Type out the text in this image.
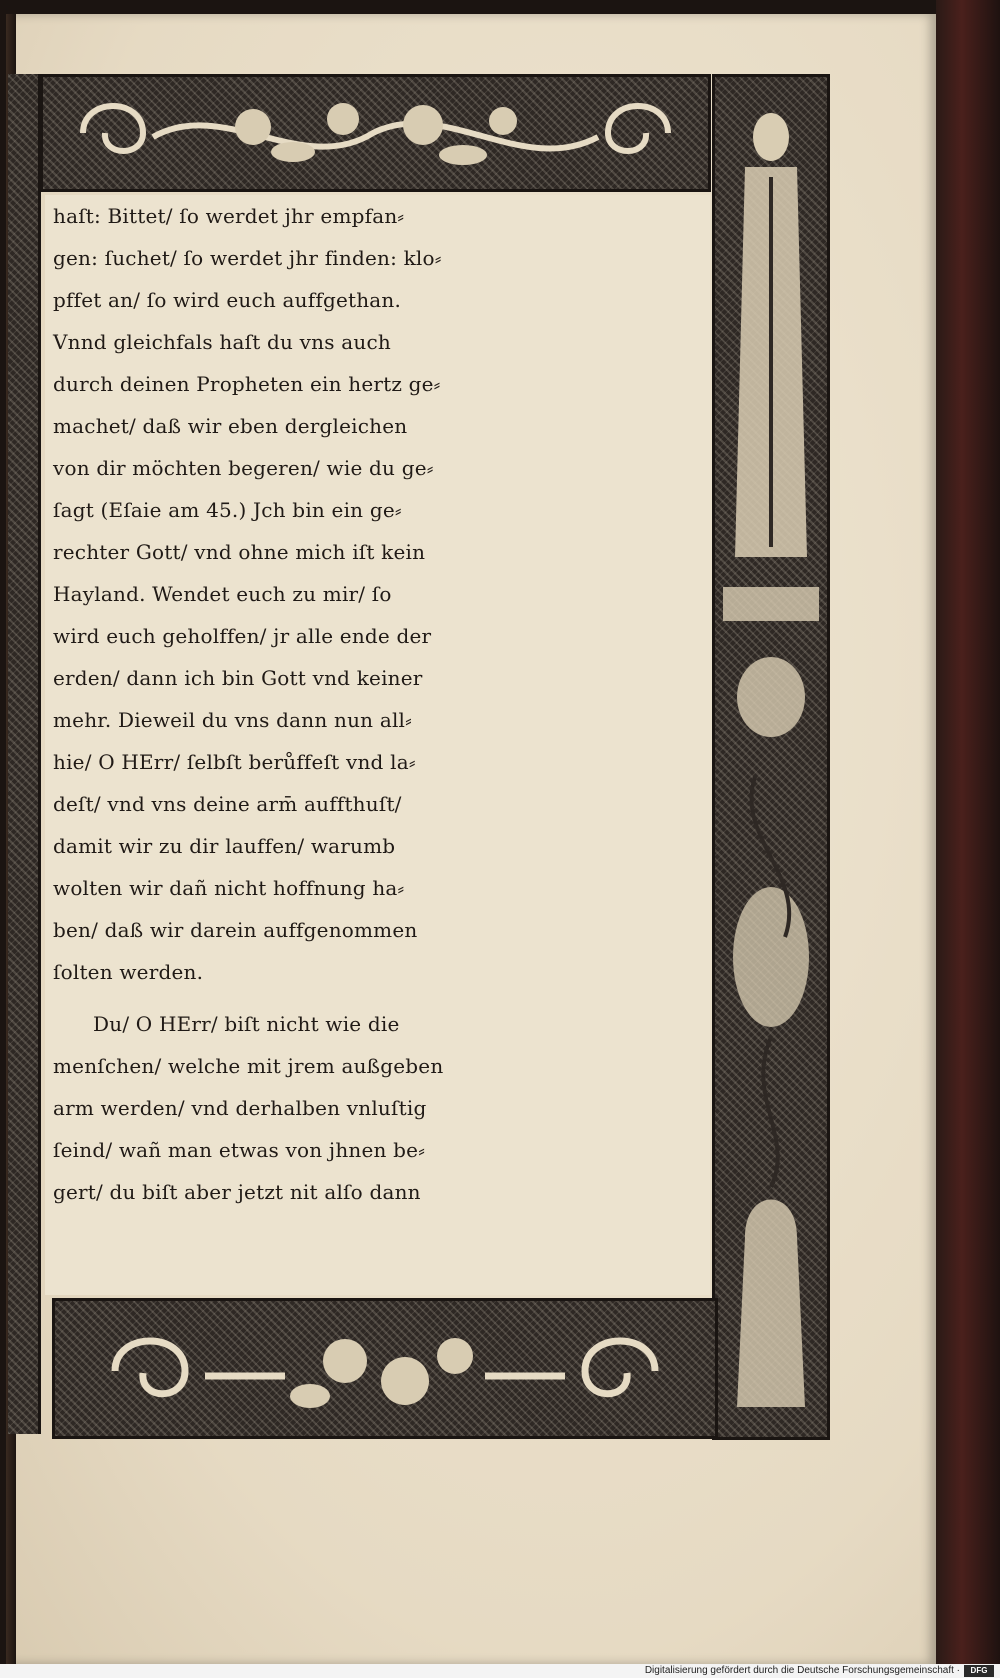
haſt: Bittet/ ſo werdet jhr empfan⸗
gen: ſuchet/ ſo werdet jhr finden: klo⸗
pffet an/ ſo wird euch auffgethan.
Vnnd gleichfals haſt du vns auch
durch deinen Propheten ein hertz ge⸗
machet/ daß wir eben dergleichen
von dir möchten begeren/ wie du ge⸗
ſagt (Eſaie am 45.) Jch bin ein ge⸗
rechter Gott/ vnd ohne mich iſt kein
Hayland. Wendet euch zu mir/ ſo
wird euch geholffen/ jr alle ende der
erden/ dann ich bin Gott vnd keiner
mehr. Dieweil du vns dann nun all⸗
hie/ O HErr/ ſelbſt berůffeſt vnd la⸗
deſt/ vnd vns deine arm̄ auffthuſt/
damit wir zu dir lauffen/ warumb
wolten wir dañ nicht hoffnung ha⸗
ben/ daß wir darein auffgenommen
ſolten werden.
Du/ O HErr/ biſt nicht wie die
menſchen/ welche mit jrem außgeben
arm werden/ vnd derhalben vnluſtig
ſeind/ wañ man etwas von jhnen be⸗
gert/ du biſt aber jetzt nit alſo dann
Digitalisierung gefördert durch die Deutsche Forschungsgemeinschaft ·	DFG
